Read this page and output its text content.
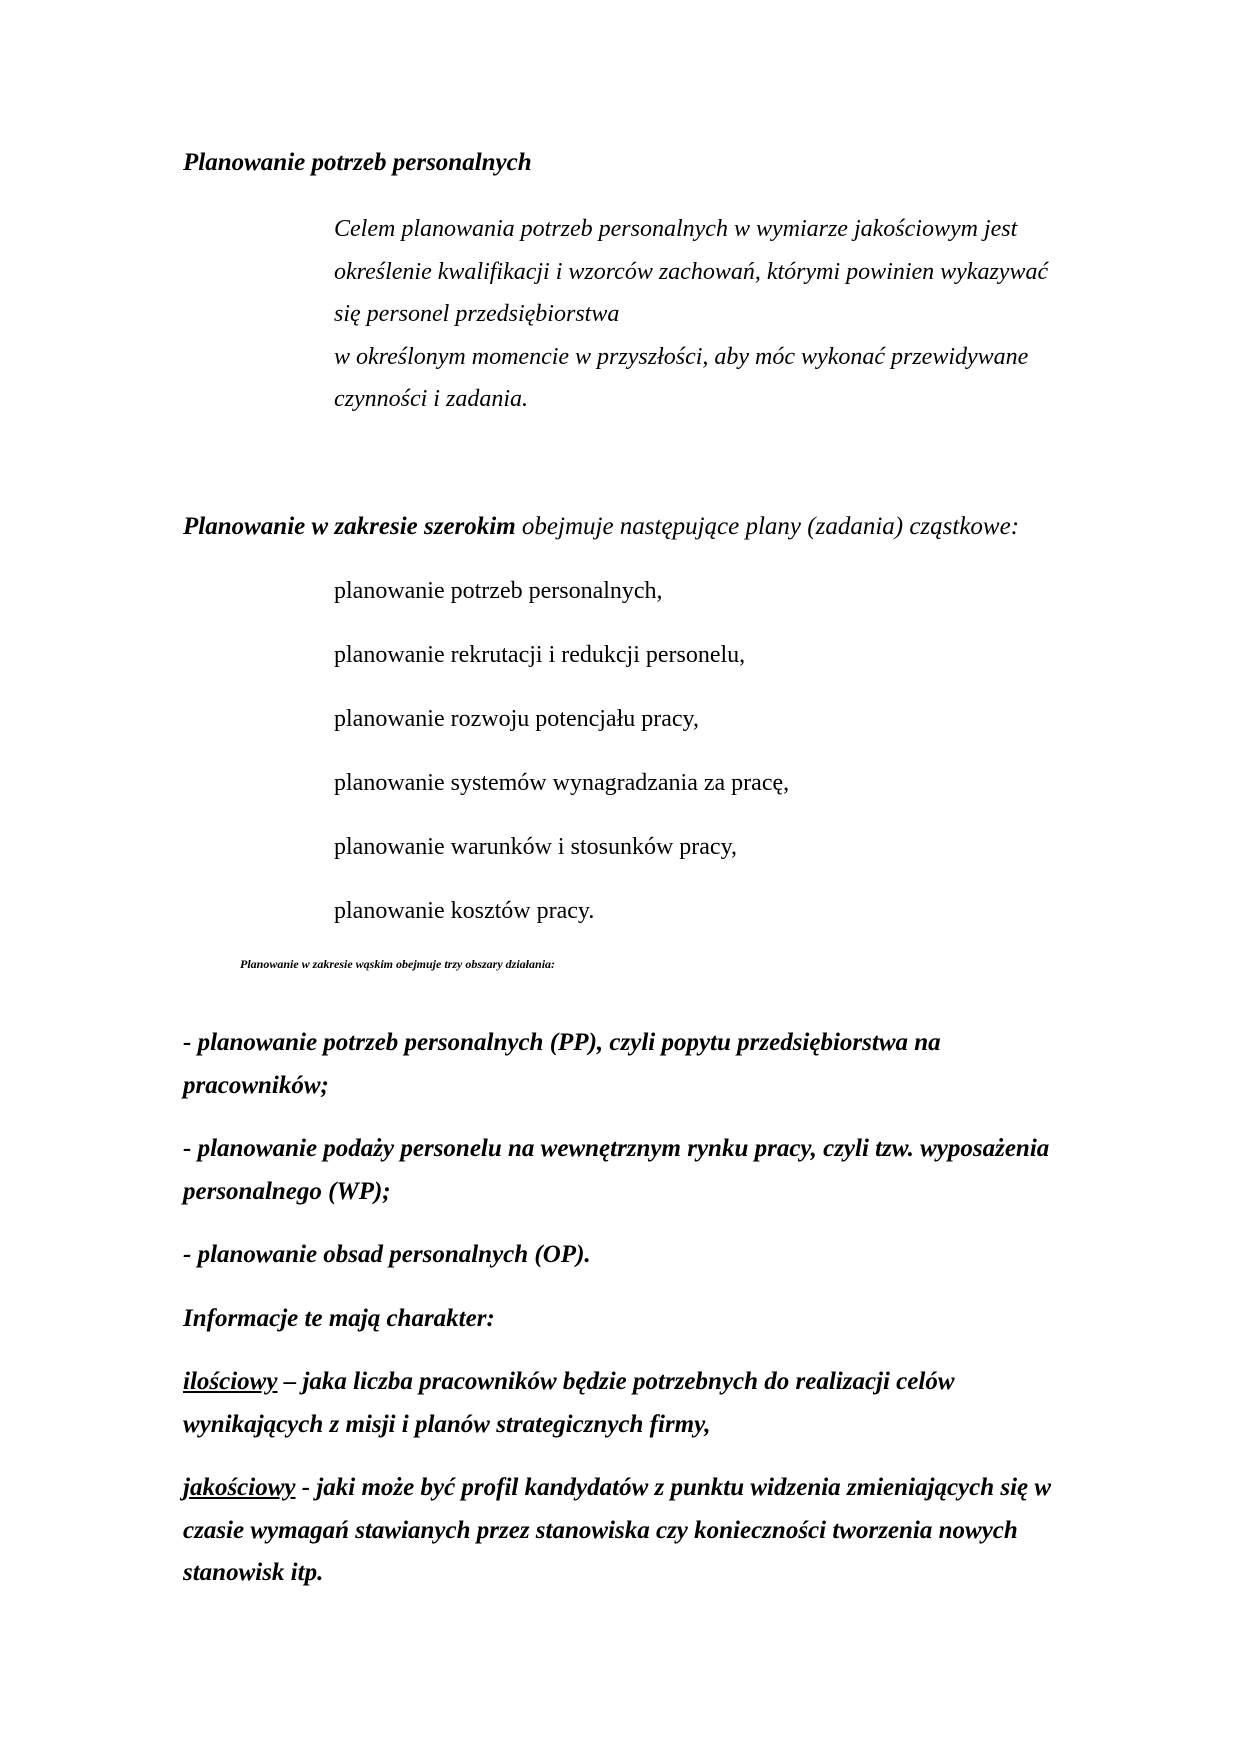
Planowanie potrzeb personalnych
Celem planowania potrzeb personalnych w wymiarze jakościowym jest
określenie kwalifikacji i wzorców zachowań, którymi powinien wykazywać
się personel przedsiębiorstwa
w określonym momencie w przyszłości, aby móc wykonać przewidywane
czynności i zadania.

Planowanie w zakresie szerokim obejmuje następujące plany (zadania) cząstkowe:

planowanie potrzeb personalnych,
planowanie rekrutacji i redukcji personelu,
planowanie rozwoju potencjału pracy,
planowanie systemów wynagradzania za pracę,
planowanie warunków i stosunków pracy,
planowanie kosztów pracy.

Planowanie w zakresie wąskim obejmuje trzy obszary działania:

- planowanie potrzeb personalnych (PP), czyli popytu przedsiębiorstwa na pracowników;

- planowanie podaży personelu na wewnętrznym rynku pracy, czyli tzw. wyposażenia personalnego (WP);

- planowanie obsad personalnych (OP).

Informacje te mają charakter:

ilościowy – jaka liczba pracowników będzie potrzebnych do realizacji celów wynikających z misji i planów strategicznych firmy,

jakościowy - jaki może być profil kandydatów z punktu widzenia zmieniających się w czasie wymagań stawianych przez stanowiska czy konieczności tworzenia nowych stanowisk itp.
